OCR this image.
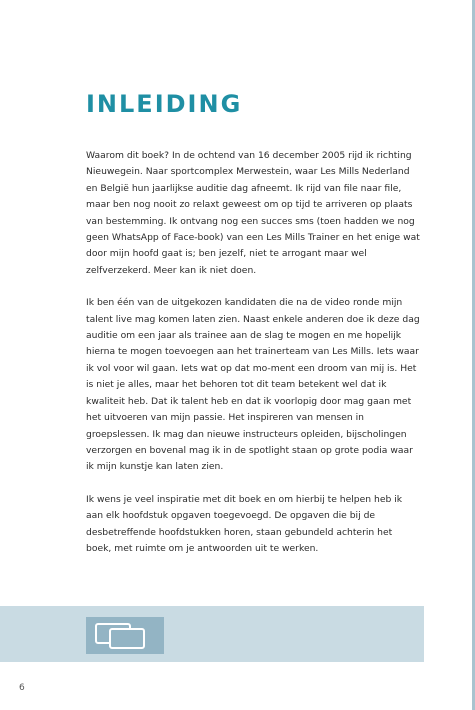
INLEIDING

Waarom dit boek? In de ochtend van 16 december 2005 rijd ik richting Nieuwegein. Naar sportcomplex Merwestein, waar Les Mills Nederland en België hun jaarlijkse auditie dag afneemt. Ik rijd van file naar file, maar ben nog nooit zo relaxt geweest om op tijd te arriveren op plaats van bestemming. Ik ontvang nog een succes sms (toen hadden we nog geen WhatsApp of Face-book) van een Les Mills Trainer en het enige wat door mijn hoofd gaat is; ben jezelf, niet te arrogant maar wel zelfverzekerd. Meer kan ik niet doen.

Ik ben één van de uitgekozen kandidaten die na de video ronde mijn talent live mag komen laten zien. Naast enkele anderen doe ik deze dag auditie om een jaar als trainee aan de slag te mogen en me hopelijk hierna te mogen toevoegen aan het trainerteam van Les Mills. Iets waar ik vol voor wil gaan. Iets wat op dat mo-ment een droom van mij is. Het is niet je alles, maar het behoren tot dit team betekent wel dat ik kwaliteit heb. Dat ik talent heb en dat ik voorlopig door mag gaan met het uitvoeren van mijn passie. Het inspireren van mensen in groepslessen. Ik mag dan nieuwe instructeurs opleiden, bijscholingen verzorgen en bovenal mag ik in de spotlight staan op grote podia waar ik mijn kunstje kan laten zien.

Ik wens je veel inspiratie met dit boek en om hierbij te helpen heb ik aan elk hoofdstuk opgaven toegevoegd. De opgaven die bij de desbetreffende hoofdstukken horen, staan gebundeld achterin het boek, met ruimte om je antwoorden uit te werken.

6
